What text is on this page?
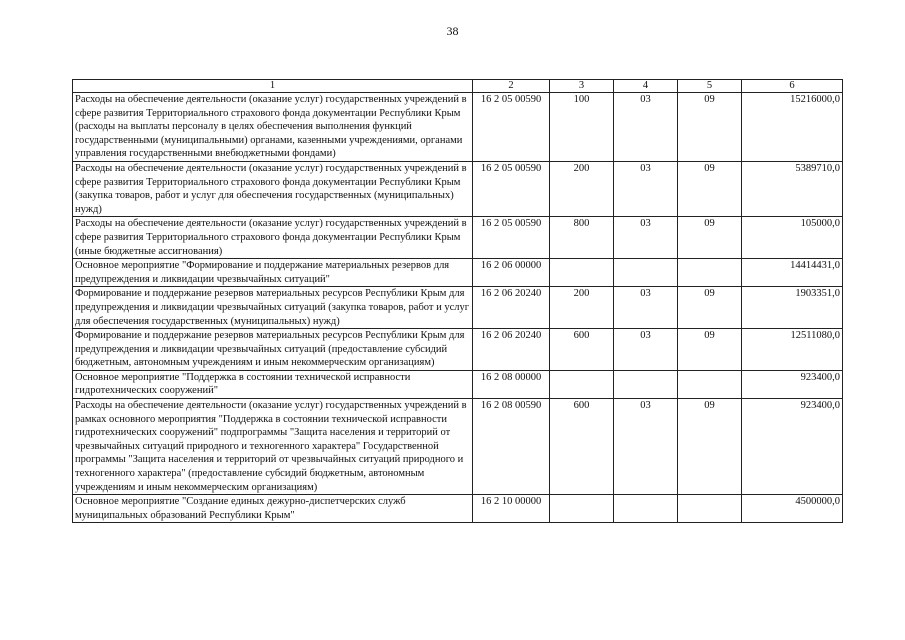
38
1	2	3	4	5	6
Расходы на обеспечение деятельности (оказание услуг) государственных учреждений в сфере развития Территориального страхового фонда документации Республики Крым (расходы на выплаты персоналу в целях обеспечения выполнения функций государственными (муниципальными) органами, казенными учреждениями, органами управления государственными внебюджетными фондами)	16 2 05 00590	100	03	09	15216000,0
Расходы на обеспечение деятельности (оказание услуг) государственных учреждений в сфере развития Территориального страхового фонда документации Республики Крым (закупка товаров, работ и услуг для обеспечения государственных (муниципальных) нужд)	16 2 05 00590	200	03	09	5389710,0
Расходы на обеспечение деятельности (оказание услуг) государственных учреждений в сфере развития Территориального страхового фонда документации Республики Крым (иные бюджетные ассигнования)	16 2 05 00590	800	03	09	105000,0
Основное мероприятие "Формирование и поддержание материальных резервов для предупреждения и ликвидации чрезвычайных ситуаций"	16 2 06 00000				14414431,0
Формирование и поддержание резервов материальных ресурсов Республики Крым для предупреждения и ликвидации чрезвычайных ситуаций (закупка товаров, работ и услуг для обеспечения государственных (муниципальных) нужд)	16 2 06 20240	200	03	09	1903351,0
Формирование и поддержание резервов материальных ресурсов Республики Крым для предупреждения и ликвидации чрезвычайных ситуаций (предоставление субсидий бюджетным, автономным учреждениям и иным некоммерческим организациям)	16 2 06 20240	600	03	09	12511080,0
Основное мероприятие "Поддержка в состоянии технической исправности гидротехнических сооружений"	16 2 08 00000				923400,0
Расходы на обеспечение деятельности (оказание услуг) государственных учреждений в рамках основного мероприятия "Поддержка в состоянии технической исправности гидротехнических сооружений" подпрограммы "Защита населения и территорий от чрезвычайных ситуаций природного и техногенного характера" Государственной программы "Защита населения и территорий от чрезвычайных ситуаций природного и техногенного характера" (предоставление субсидий бюджетным, автономным учреждениям и иным некоммерческим организациям)	16 2 08 00590	600	03	09	923400,0
Основное мероприятие "Создание единых дежурно-диспетчерских служб муниципальных образований Республики Крым"	16 2 10 00000				4500000,0
